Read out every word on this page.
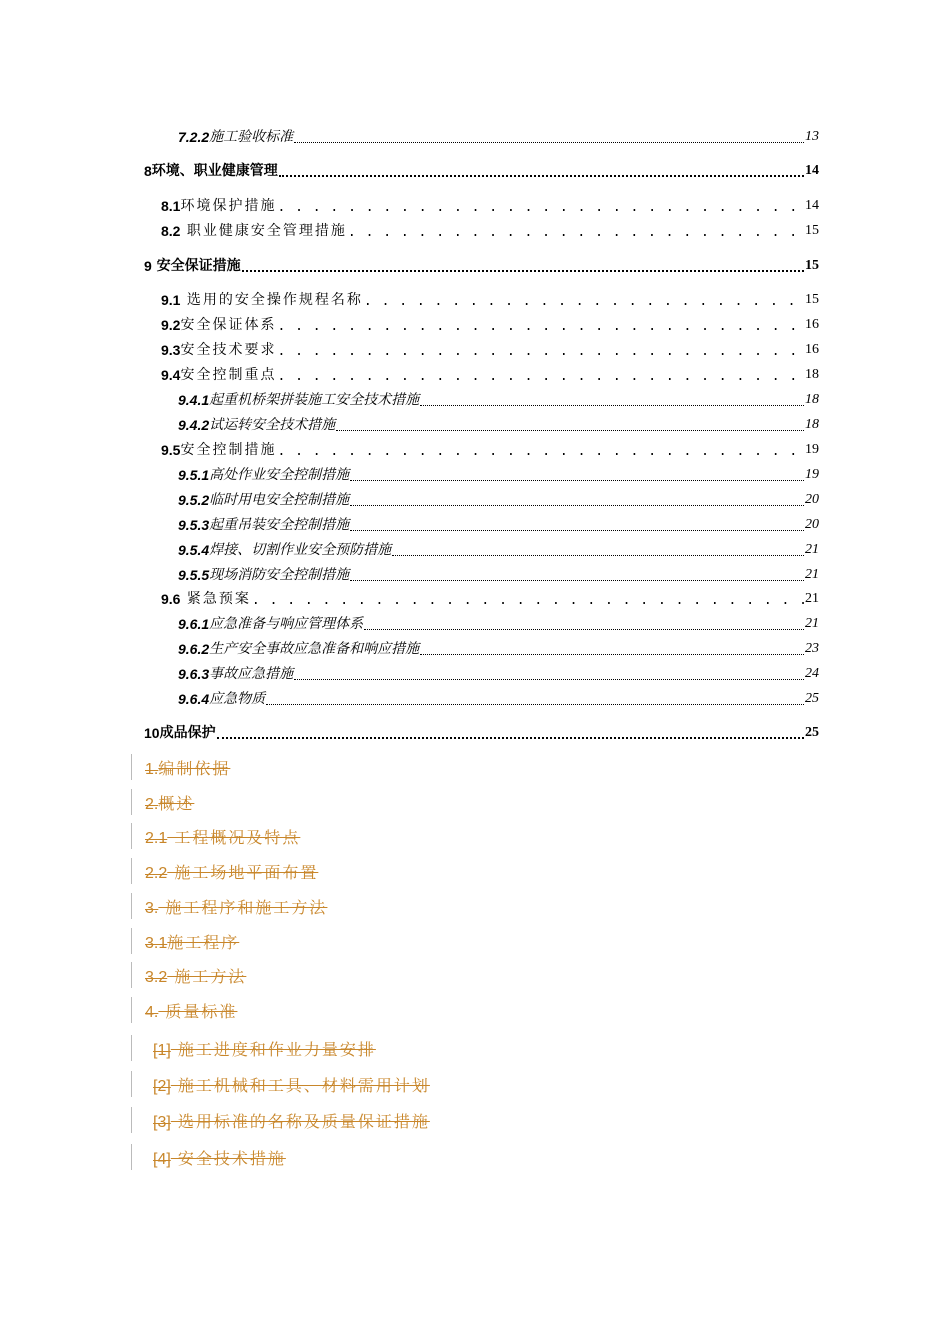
7.2.2 施工验收标准	13
8 环境、职业健康管理	14
8.1 环境保护措施 . . .	14
8.2 职业健康安全管理措施 . . .	15
9 安全保证措施	15
9.1 选用的安全操作规程名称 . . .	15
9.2 安全保证体系 . . .	16
9.3 安全技术要求 . . .	16
9.4 安全控制重点 . . .	18
9.4.1 起重机桥架拼装施工安全技术措施	18
9.4.2 试运转安全技术措施	18
9.5 安全控制措施 . . .	19
9.5.1 高处作业安全控制措施	19
9.5.2 临时用电安全控制措施	20
9.5.3 起重吊装安全控制措施	20
9.5.4 焊接、切割作业安全预防措施	21
9.5.5 现场消防安全控制措施	21
9.6 紧急预案 . . .	21
9.6.1 应急准备与响应管理体系	21
9.6.2 生产安全事故应急准备和响应措施	23
9.6.3 事故应急措施	24
9.6.4 应急物质	25
10 成品保护	25
1.编制依据
2.概述
2.1 工程概况及特点
2.2 施工场地平面布置
3. 施工程序和施工方法
3.1施工程序
3.2 施工方法
4. 质量标准
[1] 施工进度和作业力量安排
[2] 施工机械和工具、材料需用计划
[3] 选用标准的名称及质量保证措施
[4] 安全技术措施
